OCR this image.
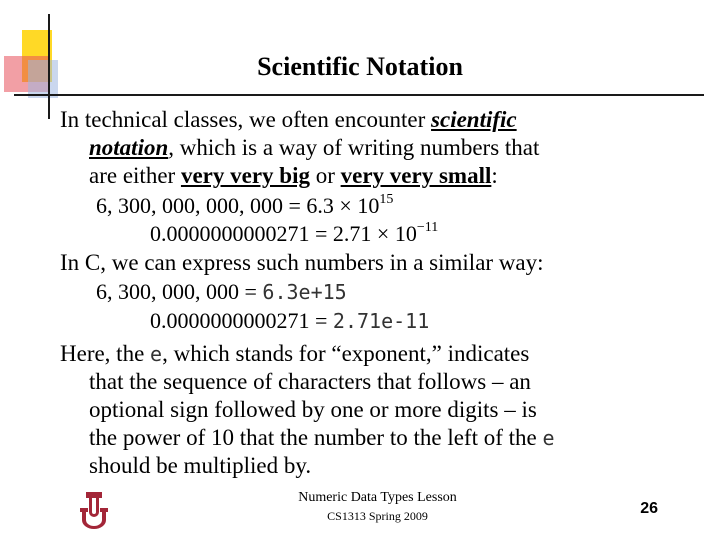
Scientific Notation

In technical classes, we often encounter scientific

notation, which is a way of writing numbers that

are either very very big or very very small:

6, 300, 000, 000, $000 = 6.3 \times 10^{15}$

$0.0000000000271 = 2.71 \times 10^{-11}$

In C, we can express such numbers in a similar way:

6, 300, 000, 000 = 6.3e+15

0.0000000000271 = 2.71e-11

Here, the e, which stands for “exponent,” indicates

that the sequence of characters that follows – an

optional sign followed by one or more digits – is

the power of 10 that the number to the left of the e

should be multiplied by.

Numeric Data Types Lesson

CS1313 Spring 2009	26
